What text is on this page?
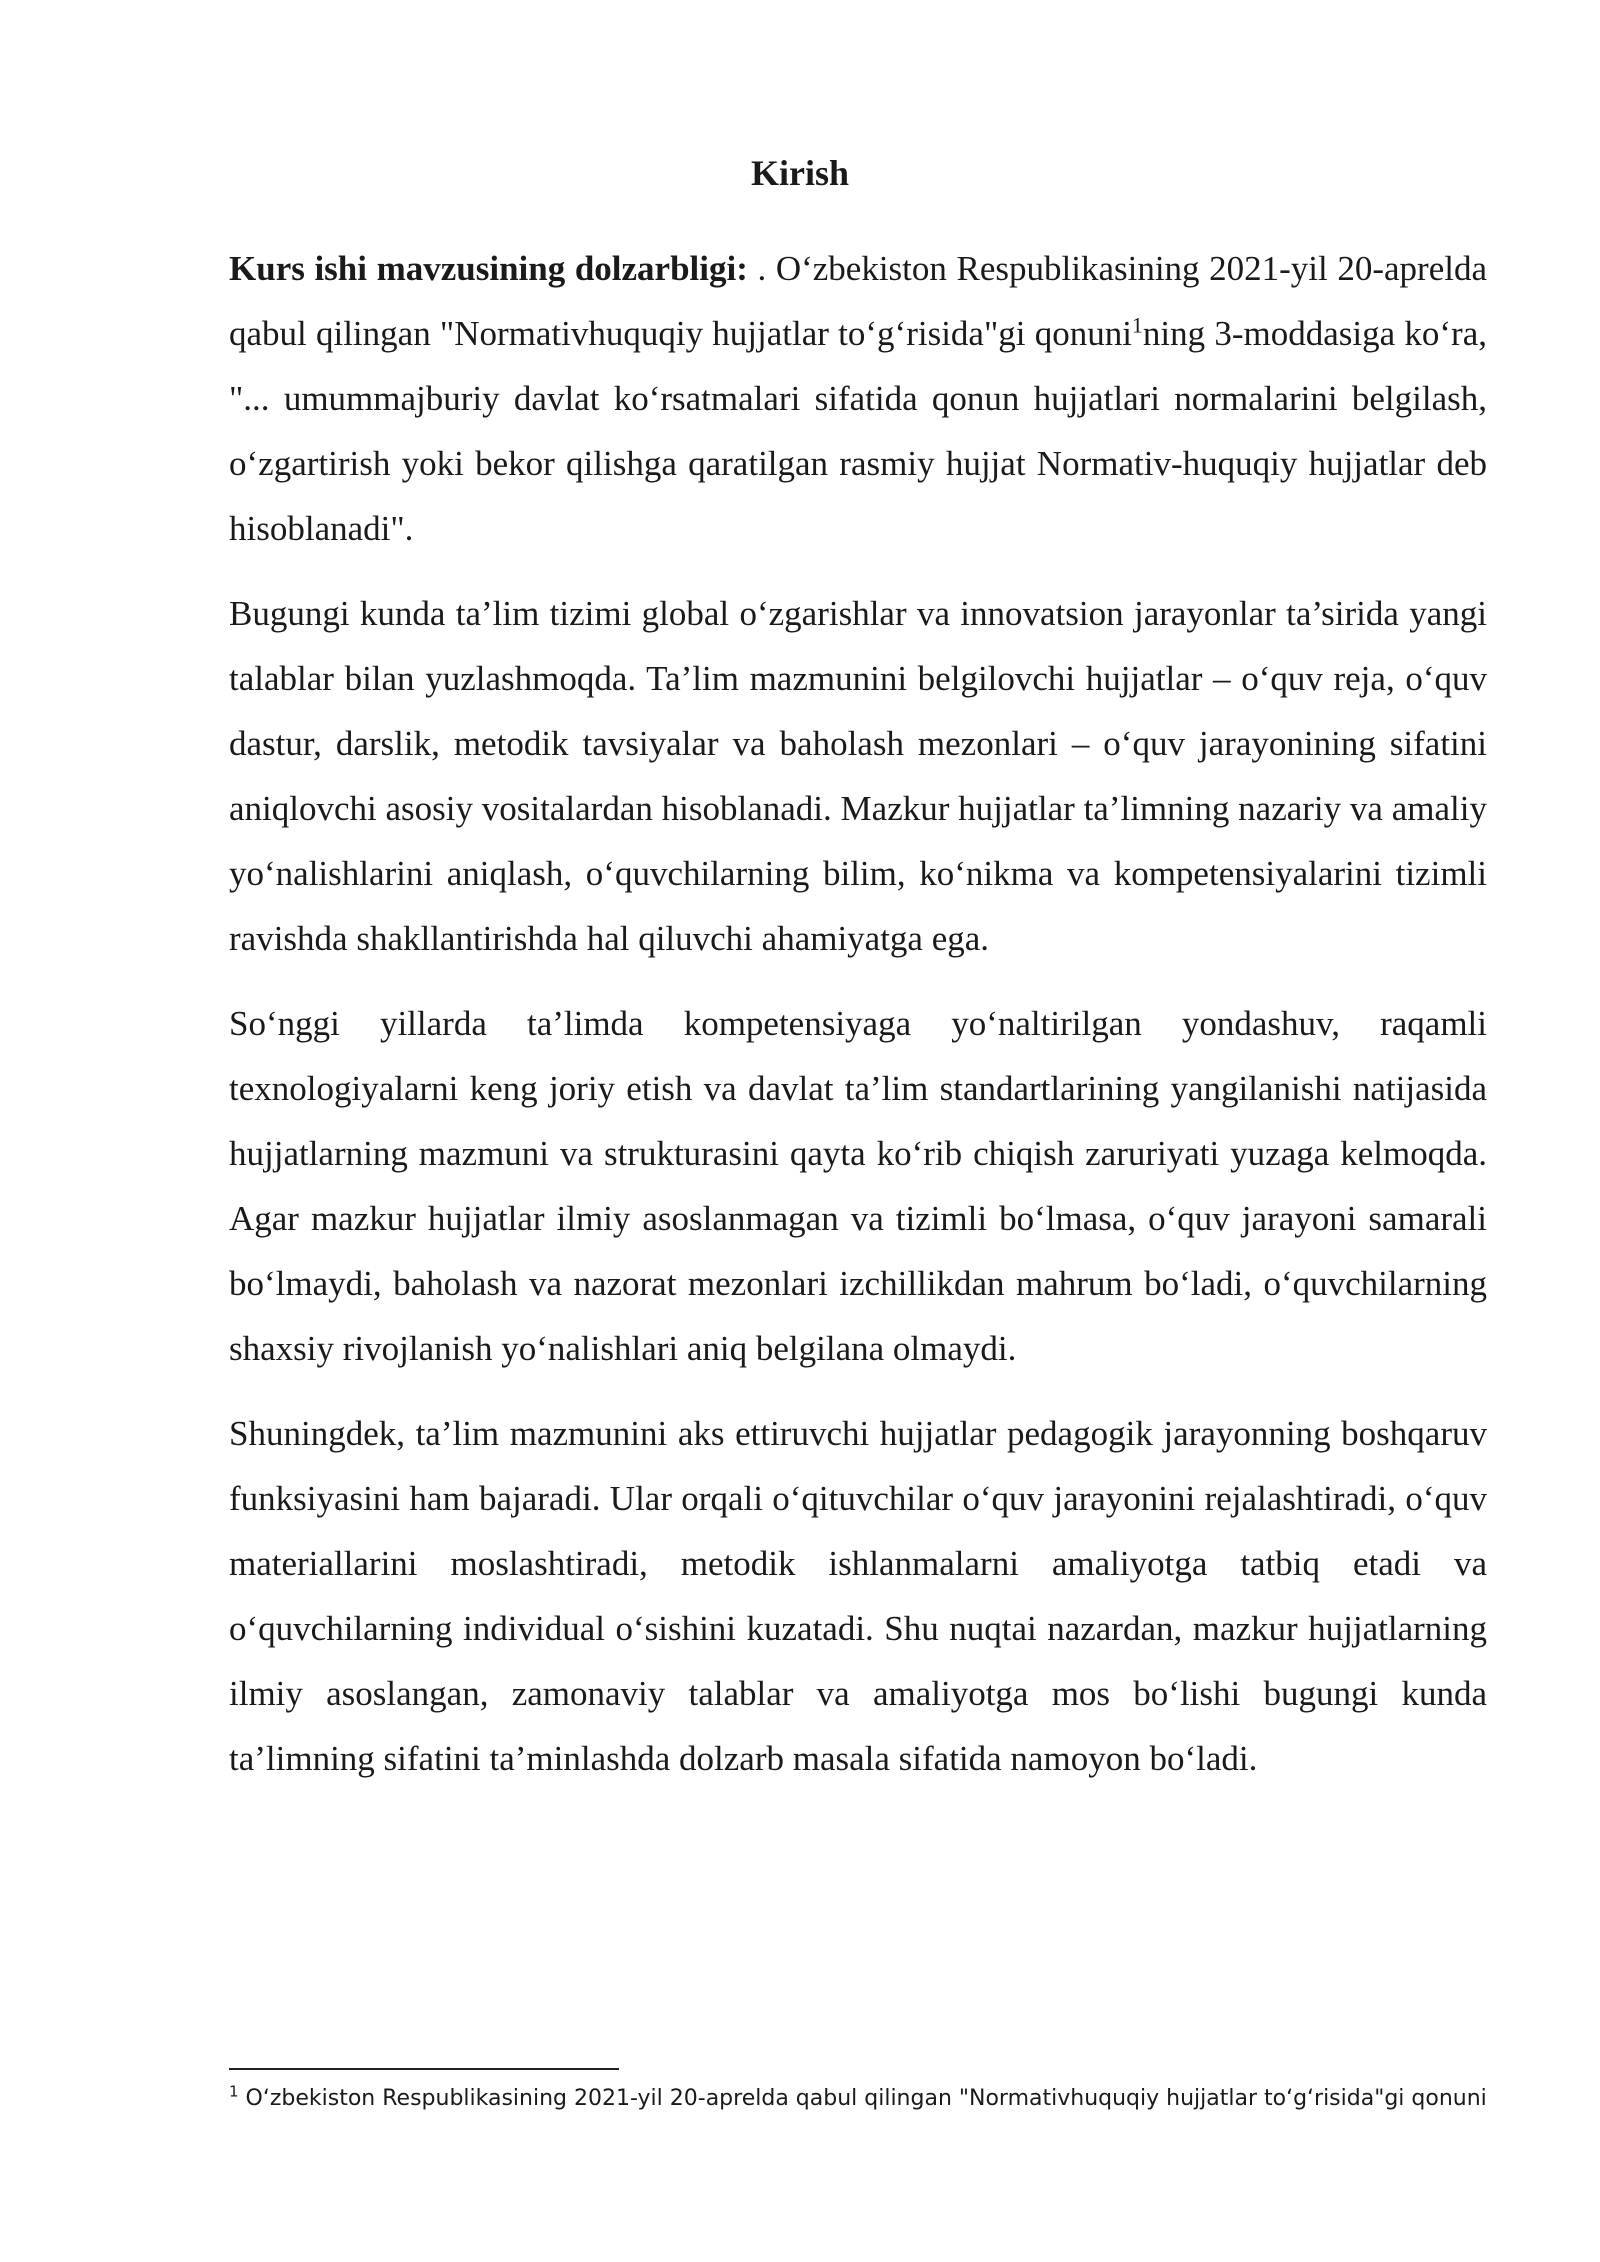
Kirish

Kurs ishi mavzusining dolzarbligi: . O‘zbekiston Respublikasining 2021-yil 20-aprelda qabul qilingan "Normativhuquqiy hujjatlar to‘g‘risida"gi qonuni$^1$ning 3-moddasiga ko‘ra, "... umummajburiy davlat ko‘rsatmalari sifatida qonun hujjatlari normalarini belgilash, o‘zgartirish yoki bekor qilishga qaratilgan rasmiy hujjat Normativ-huquqiy hujjatlar deb hisoblanadi".

Bugungi kunda ta’lim tizimi global o‘zgarishlar va innovatsion jarayonlar ta’sirida yangi talablar bilan yuzlashmoqda. Ta’lim mazmunini belgilovchi hujjatlar – o‘quv reja, o‘quv dastur, darslik, metodik tavsiyalar va baholash mezonlari – o‘quv jarayonining sifatini aniqlovchi asosiy vositalardan hisoblanadi. Mazkur hujjatlar ta’limning nazariy va amaliy yo‘nalishlarini aniqlash, o‘quvchilarning bilim, ko‘nikma va kompetensiyalarini tizimli ravishda shakllantirishda hal qiluvchi ahamiyatga ega.

So‘nggi yillarda ta’limda kompetensiyaga yo‘naltirilgan yondashuv, raqamli texnologiyalarni keng joriy etish va davlat ta’lim standartlarining yangilanishi natijasida hujjatlarning mazmuni va strukturasini qayta ko‘rib chiqish zaruriyati yuzaga kelmoqda. Agar mazkur hujjatlar ilmiy asoslanmagan va tizimli bo‘lmasa, o‘quv jarayoni samarali bo‘lmaydi, baholash va nazorat mezonlari izchillikdan mahrum bo‘ladi, o‘quvchilarning shaxsiy rivojlanish yo‘nalishlari aniq belgilana olmaydi.

Shuningdek, ta’lim mazmunini aks ettiruvchi hujjatlar pedagogik jarayonning boshqaruv funksiyasini ham bajaradi. Ular orqali o‘qituvchilar o‘quv jarayonini rejalashtiradi, o‘quv materiallarini moslashtiradi, metodik ishlanmalarni amaliyotga tatbiq etadi va o‘quvchilarning individual o‘sishini kuzatadi. Shu nuqtai nazardan, mazkur hujjatlarning ilmiy asoslangan, zamonaviy talablar va amaliyotga mos bo‘lishi bugungi kunda ta’limning sifatini ta’minlashda dolzarb masala sifatida namoyon bo‘ladi.

$^1$ O‘zbekiston Respublikasining 2021-yil 20-aprelda qabul qilingan "Normativhuquqiy hujjatlar to‘g‘risida"gi qonuni
